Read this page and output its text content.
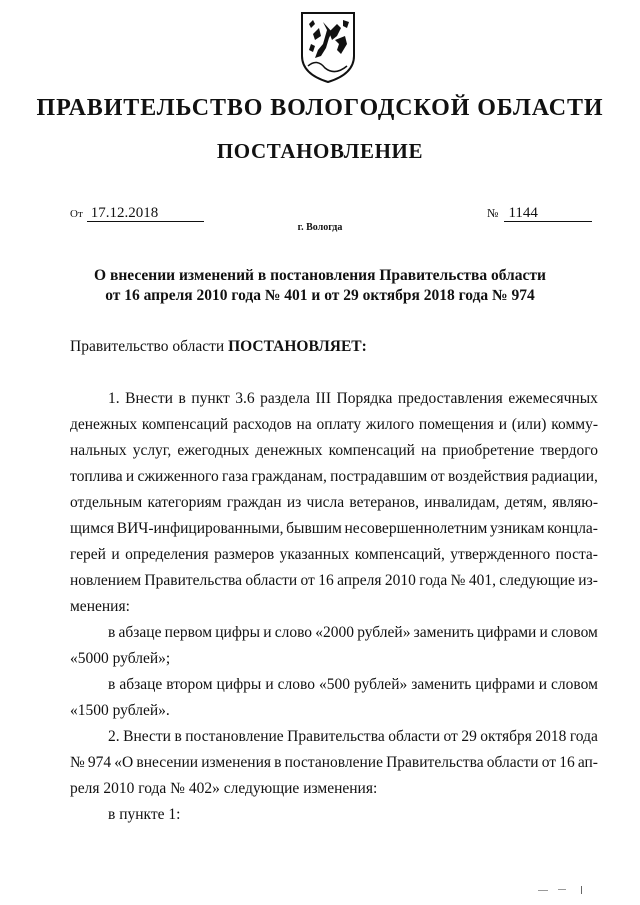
ПРАВИТЕЛЬСТВО ВОЛОГОДСКОЙ ОБЛАСТИ
ПОСТАНОВЛЕНИЕ
От 17.12.2018	№ 1144
г. Вологда
О внесении изменений в постановления Правительства области
от 16 апреля 2010 года № 401 и от 29 октября 2018 года № 974
Правительство области ПОСТАНОВЛЯЕТ:
1. Внести в пункт 3.6 раздела III Порядка предоставления ежемесячных
денежных компенсаций расходов на оплату жилого помещения и (или) комму-
нальных услуг, ежегодных денежных компенсаций на приобретение твердого
топлива и сжиженного газа гражданам, пострадавшим от воздействия радиации,
отдельным категориям граждан из числа ветеранов, инвалидам, детям, являю-
щимся ВИЧ-инфицированными, бывшим несовершеннолетним узникам концла-
герей и определения размеров указанных компенсаций, утвержденного поста-
новлением Правительства области от 16 апреля 2010 года № 401, следующие из-
менения:
в абзаце первом цифры и слово «2000 рублей» заменить цифрами и словом
«5000 рублей»;
в абзаце втором цифры и слово «500 рублей» заменить цифрами и словом
«1500 рублей».
2. Внести в постановление Правительства области от 29 октября 2018 года
№ 974 «О внесении изменения в постановление Правительства области от 16 ап-
реля 2010 года № 402» следующие изменения:
в пункте 1:
